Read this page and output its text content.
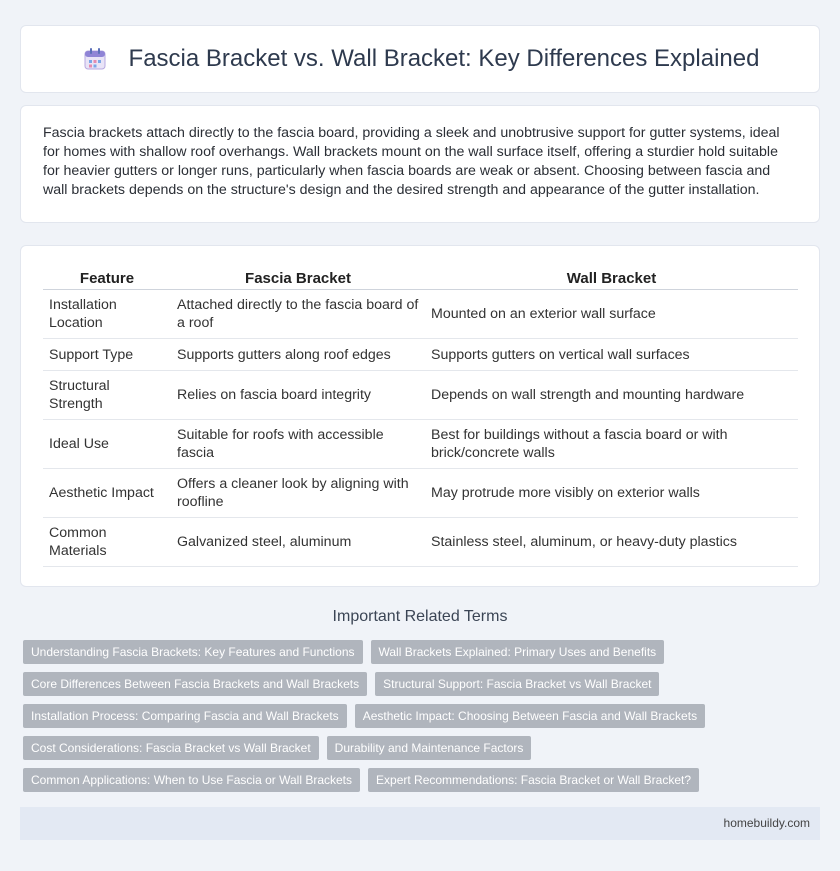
Fascia Bracket vs. Wall Bracket: Key Differences Explained

Fascia brackets attach directly to the fascia board, providing a sleek and unobtrusive support for gutter systems, ideal for homes with shallow roof overhangs. Wall brackets mount on the wall surface itself, offering a sturdier hold suitable for heavier gutters or longer runs, particularly when fascia boards are weak or absent. Choosing between fascia and wall brackets depends on the structure's design and the desired strength and appearance of the gutter installation.

Feature	Fascia Bracket	Wall Bracket
Installation Location	Attached directly to the fascia board of a roof	Mounted on an exterior wall surface
Support Type	Supports gutters along roof edges	Supports gutters on vertical wall surfaces
Structural Strength	Relies on fascia board integrity	Depends on wall strength and mounting hardware
Ideal Use	Suitable for roofs with accessible fascia	Best for buildings without a fascia board or with brick/concrete walls
Aesthetic Impact	Offers a cleaner look by aligning with roofline	May protrude more visibly on exterior walls
Common Materials	Galvanized steel, aluminum	Stainless steel, aluminum, or heavy-duty plastics
Important Related Terms
Understanding Fascia Brackets: Key Features and Functions	Wall Brackets Explained: Primary Uses and Benefits
Core Differences Between Fascia Brackets and Wall Brackets	Structural Support: Fascia Bracket vs Wall Bracket
Installation Process: Comparing Fascia and Wall Brackets	Aesthetic Impact: Choosing Between Fascia and Wall Brackets
Cost Considerations: Fascia Bracket vs Wall Bracket	Durability and Maintenance Factors
Common Applications: When to Use Fascia or Wall Brackets	Expert Recommendations: Fascia Bracket or Wall Bracket?
homebuildy.com
